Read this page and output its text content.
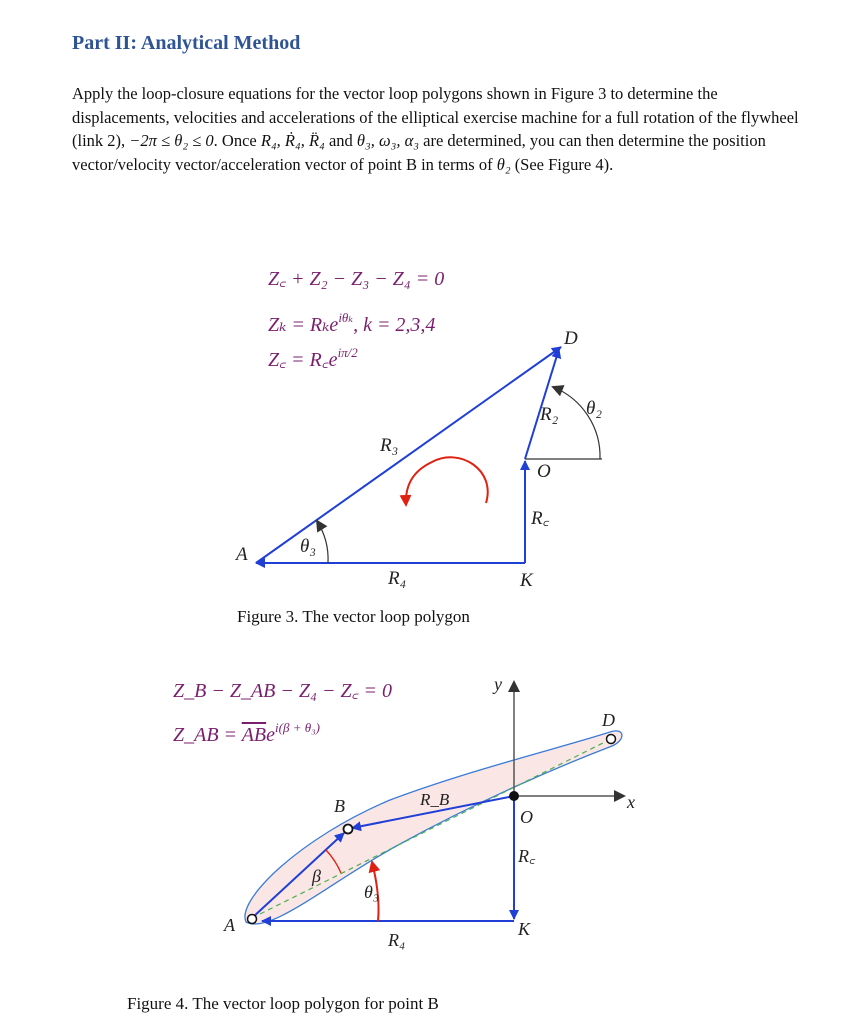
Part II: Analytical Method
Apply the loop-closure equations for the vector loop polygons shown in Figure 3 to determine the displacements, velocities and accelerations of the elliptical exercise machine for a full rotation of the flywheel (link 2), −2π ≤ θ₂ ≤ 0. Once R₄, Ṙ₄, R̈₄ and θ₃, ω₃, α₃ are determined, you can then determine the position vector/velocity vector/acceleration vector of point B in terms of θ₂ (See Figure 4).
Z꜀ + Z₂ − Z₃ − Z₄ = 0
Zₖ = Rₖe$^{i\theta_k}$, k = 2,3,4
Z꜀ = $R꜀e^{i\pi/2}$
A
D
O
K
R₂
R₃
R₄
R꜀
θ₂
θ₃
Figure 3. The vector loop polygon
Z_B − Z_AB − Z₄ − Z꜀ = 0
Z_AB = ABe$^{i(\beta + \theta_3)}$
x
y
A
B
D
O
K
R_B
R꜀
R₄
β
θ₃
Figure 4. The vector loop polygon for point B
